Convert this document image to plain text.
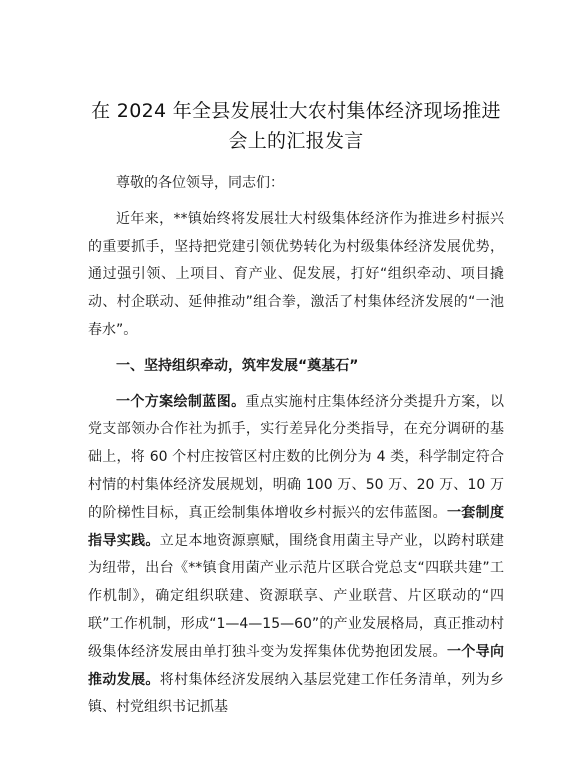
在 2024 年全县发展壮大农村集体经济现场推进会上的汇报发言

尊敬的各位领导，同志们：

近年来，**镇始终将发展壮大村级集体经济作为推进乡村振兴的重要抓手，坚持把党建引领优势转化为村级集体经济发展优势，通过强引领、上项目、育产业、促发展，打好“组织牵动、项目撬动、村企联动、延伸推动”组合拳，激活了村集体经济发展的“一池春水”。

一、坚持组织牵动，筑牢发展“奠基石”

一个方案绘制蓝图。重点实施村庄集体经济分类提升方案，以党支部领办合作社为抓手，实行差异化分类指导，在充分调研的基础上，将 60 个村庄按管区村庄数的比例分为 4 类，科学制定符合村情的村集体经济发展规划，明确 100 万、50 万、20 万、10 万的阶梯性目标，真正绘制集体增收乡村振兴的宏伟蓝图。一套制度指导实践。立足本地资源禀赋，围绕食用菌主导产业，以跨村联建为纽带，出台《**镇食用菌产业示范片区联合党总支“四联共建”工作机制》，确定组织联建、资源联享、产业联营、片区联动的“四联”工作机制，形成“1—4—15—60”的产业发展格局，真正推动村级集体经济发展由单打独斗变为发挥集体优势抱团发展。一个导向推动发展。将村集体经济发展纳入基层党建工作任务清单，列为乡镇、村党组织书记抓基
